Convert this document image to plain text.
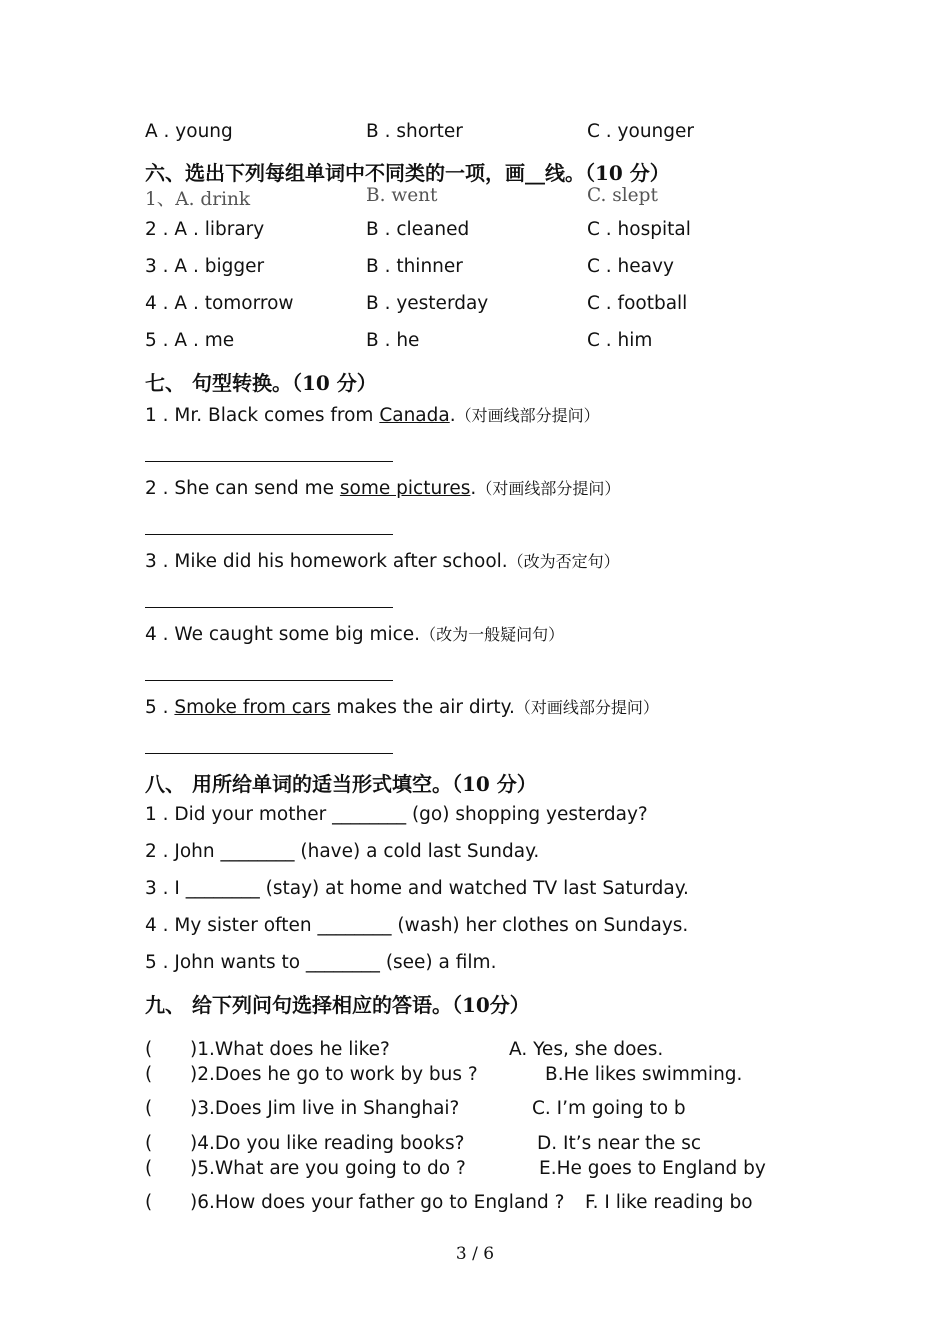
A . young	B . shorter	C . younger
六、选出下列每组单词中不同类的一项，画__线。（10 分）
1、A. drink	B. went	C. slept
2 . A . library	B . cleaned	C . hospital
3 . A . bigger	B . thinner	C . heavy
4 . A . tomorrow	B . yesterday	C . football
5 . A . me	B . he	C . him
七、 句型转换。（10 分）
1 . Mr. Black comes from Canada.（对画线部分提问）
2 . She can send me some pictures.（对画线部分提问）
3 . Mike did his homework after school.（改为否定句）
4 . We caught some big mice.（改为一般疑问句）
5 . Smoke from cars makes the air dirty.（对画线部分提问）
八、 用所给单词的适当形式填空。（10 分）
1 . Did your mother ________ (go) shopping yesterday?
2 . John ________ (have) a cold last Sunday.
3 . I ________ (stay) at home and watched TV last Saturday.
4 . My sister often ________ (wash) her clothes on Sundays.
5 . John wants to ________ (see) a film.
九、 给下列问句选择相应的答语。（10分）
( )1.What does he like?	A. Yes, she does.
( )2.Does he go to work by bus ?	B.He likes swimming.
( )3.Does Jim live in Shanghai?	C. I’m going to b
( )4.Do you like reading books?	D. It’s near the sc
( )5.What are you going to do ?	E.He goes to England by
( )6.How does your father go to England ? F. I like reading bo
3 / 6
